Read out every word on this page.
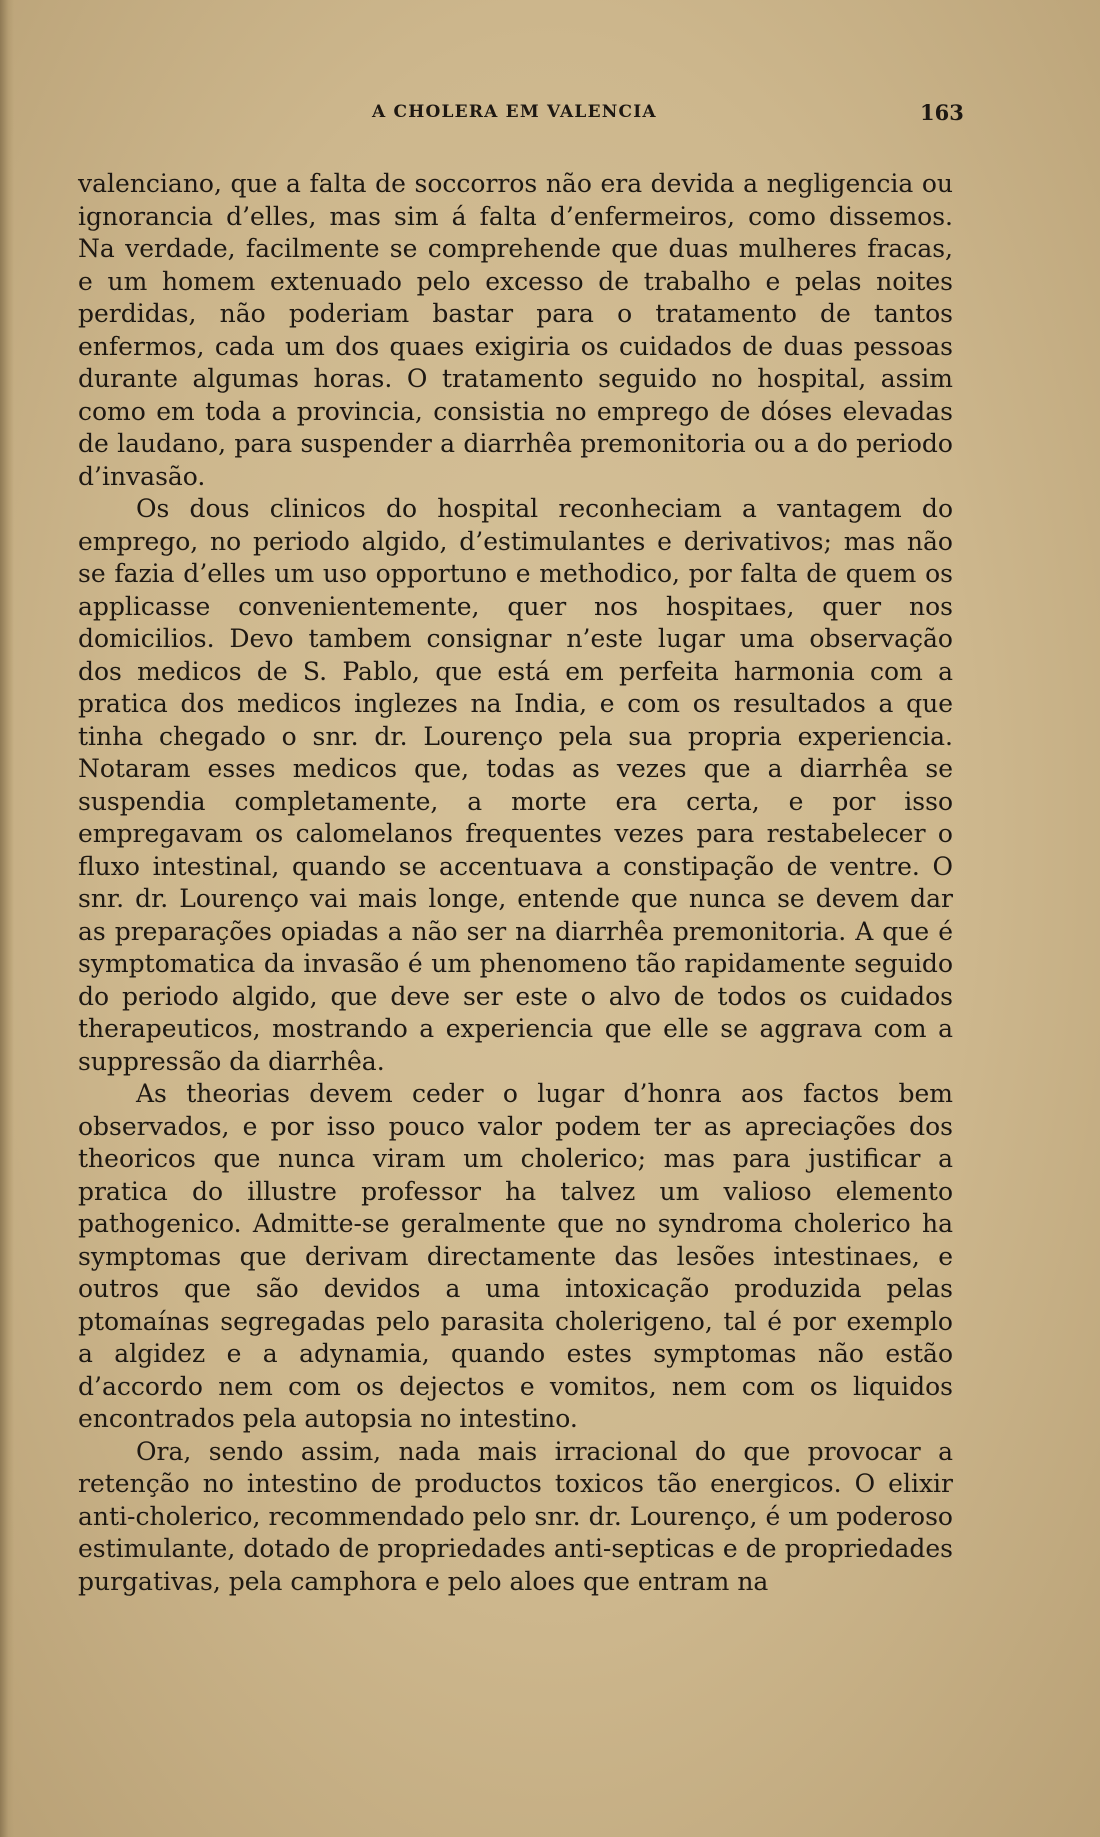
A CHOLERA EM VALENCIA	163

valenciano, que a falta de soccorros não era devida a negligencia ou ignorancia d’elles, mas sim á falta d’enfermeiros, como dissemos. Na verdade, facilmente se comprehende que duas mulheres fracas, e um homem extenuado pelo excesso de trabalho e pelas noites perdidas, não poderiam bastar para o tratamento de tantos enfermos, cada um dos quaes exigiria os cuidados de duas pessoas durante algumas horas. O tratamento seguido no hospital, assim como em toda a provincia, consistia no emprego de dóses elevadas de laudano, para suspender a diarrhêa premonitoria ou a do periodo d’invasão.

Os dous clinicos do hospital reconheciam a vantagem do emprego, no periodo algido, d’estimulantes e derivativos; mas não se fazia d’elles um uso opportuno e methodico, por falta de quem os applicasse convenientemente, quer nos hospitaes, quer nos domicilios. Devo tambem consignar n’este lugar uma observação dos medicos de S. Pablo, que está em perfeita harmonia com a pratica dos medicos inglezes na India, e com os resultados a que tinha chegado o snr. dr. Lourenço pela sua propria experiencia. Notaram esses medicos que, todas as vezes que a diarrhêa se suspendia completamente, a morte era certa, e por isso empregavam os calomelanos frequentes vezes para restabelecer o fluxo intestinal, quando se accentuava a constipação de ventre. O snr. dr. Lourenço vai mais longe, entende que nunca se devem dar as preparações opiadas a não ser na diarrhêa premonitoria. A que é symptomatica da invasão é um phenomeno tão rapidamente seguido do periodo algido, que deve ser este o alvo de todos os cuidados therapeuticos, mostrando a experiencia que elle se aggrava com a suppressão da diarrhêa.

As theorias devem ceder o lugar d’honra aos factos bem observados, e por isso pouco valor podem ter as apreciações dos theoricos que nunca viram um cholerico; mas para justificar a pratica do illustre professor ha talvez um valioso elemento pathogenico. Admitte-se geralmente que no syndroma cholerico ha symptomas que derivam directamente das lesões intestinaes, e outros que são devidos a uma intoxicação produzida pelas ptomaínas segregadas pelo parasita cholerigeno, tal é por exemplo a algidez e a adynamia, quando estes symptomas não estão d’accordo nem com os dejectos e vomitos, nem com os liquidos encontrados pela autopsia no intestino.

Ora, sendo assim, nada mais irracional do que provocar a retenção no intestino de productos toxicos tão energicos. O elixir anti-cholerico, recommendado pelo snr. dr. Lourenço, é um poderoso estimulante, dotado de propriedades anti-septicas e de propriedades purgativas, pela camphora e pelo aloes que entram na
